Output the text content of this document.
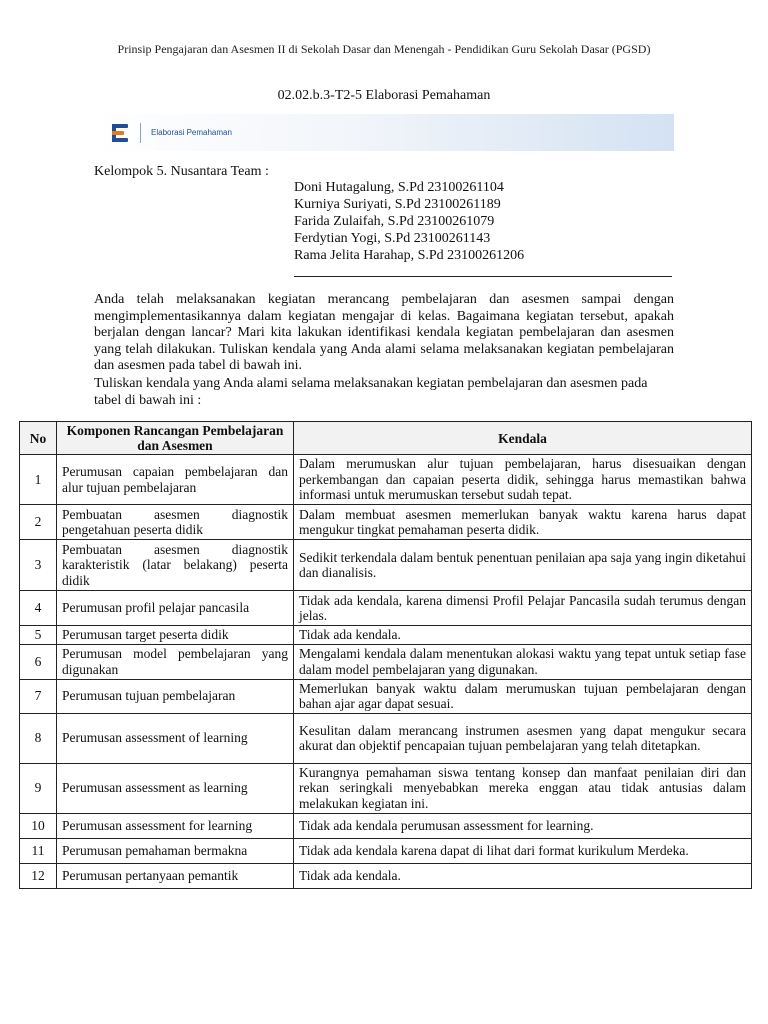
Prinsip Pengajaran dan Asesmen II di Sekolah Dasar dan Menengah - Pendidikan Guru Sekolah Dasar (PGSD)
02.02.b.3-T2-5 Elaborasi Pemahaman
Elaborasi Pemahaman
Kelompok 5. Nusantara Team :
Doni Hutagalung, S.Pd 23100261104
Kurniya Suriyati, S.Pd 23100261189
Farida Zulaifah, S.Pd 23100261079
Ferdytian Yogi, S.Pd 23100261143
Rama Jelita Harahap, S.Pd 23100261206
Anda telah melaksanakan kegiatan merancang pembelajaran dan asesmen sampai dengan mengimplementasikannya dalam kegiatan mengajar di kelas. Bagaimana kegiatan tersebut, apakah berjalan dengan lancar? Mari kita lakukan identifikasi kendala kegiatan pembelajaran dan asesmen yang telah dilakukan. Tuliskan kendala yang Anda alami selama melaksanakan kegiatan pembelajaran dan asesmen pada tabel di bawah ini.
Tuliskan kendala yang Anda alami selama melaksanakan kegiatan pembelajaran dan asesmen pada tabel di bawah ini :
No	Komponen Rancangan Pembelajaran dan Asesmen	Kendala
1	Perumusan capaian pembelajaran dan alur tujuan pembelajaran	Dalam merumuskan alur tujuan pembelajaran, harus disesuaikan dengan perkembangan dan capaian peserta didik, sehingga harus memastikan bahwa informasi untuk merumuskan tersebut sudah tepat.
2	Pembuatan asesmen diagnostik pengetahuan peserta didik	Dalam membuat asesmen memerlukan banyak waktu karena harus dapat mengukur tingkat pemahaman peserta didik.
3	Pembuatan asesmen diagnostik karakteristik (latar belakang) peserta didik	Sedikit terkendala dalam bentuk penentuan penilaian apa saja yang ingin diketahui dan dianalisis.
4	Perumusan profil pelajar pancasila	Tidak ada kendala, karena dimensi Profil Pelajar Pancasila sudah terumus dengan jelas.
5	Perumusan target peserta didik	Tidak ada kendala.
6	Perumusan model pembelajaran yang digunakan	Mengalami kendala dalam menentukan alokasi waktu yang tepat untuk setiap fase dalam model pembelajaran yang digunakan.
7	Perumusan tujuan pembelajaran	Memerlukan banyak waktu dalam merumuskan tujuan pembelajaran dengan bahan ajar agar dapat sesuai.
8	Perumusan assessment of learning	Kesulitan dalam merancang instrumen asesmen yang dapat mengukur secara akurat dan objektif pencapaian tujuan pembelajaran yang telah ditetapkan.
9	Perumusan assessment as learning	Kurangnya pemahaman siswa tentang konsep dan manfaat penilaian diri dan rekan seringkali menyebabkan mereka enggan atau tidak antusias dalam melakukan kegiatan ini.
10	Perumusan assessment for learning	Tidak ada kendala perumusan assessment for learning.
11	Perumusan pemahaman bermakna	Tidak ada kendala karena dapat di lihat dari format kurikulum Merdeka.
12	Perumusan pertanyaan pemantik	Tidak ada kendala.
